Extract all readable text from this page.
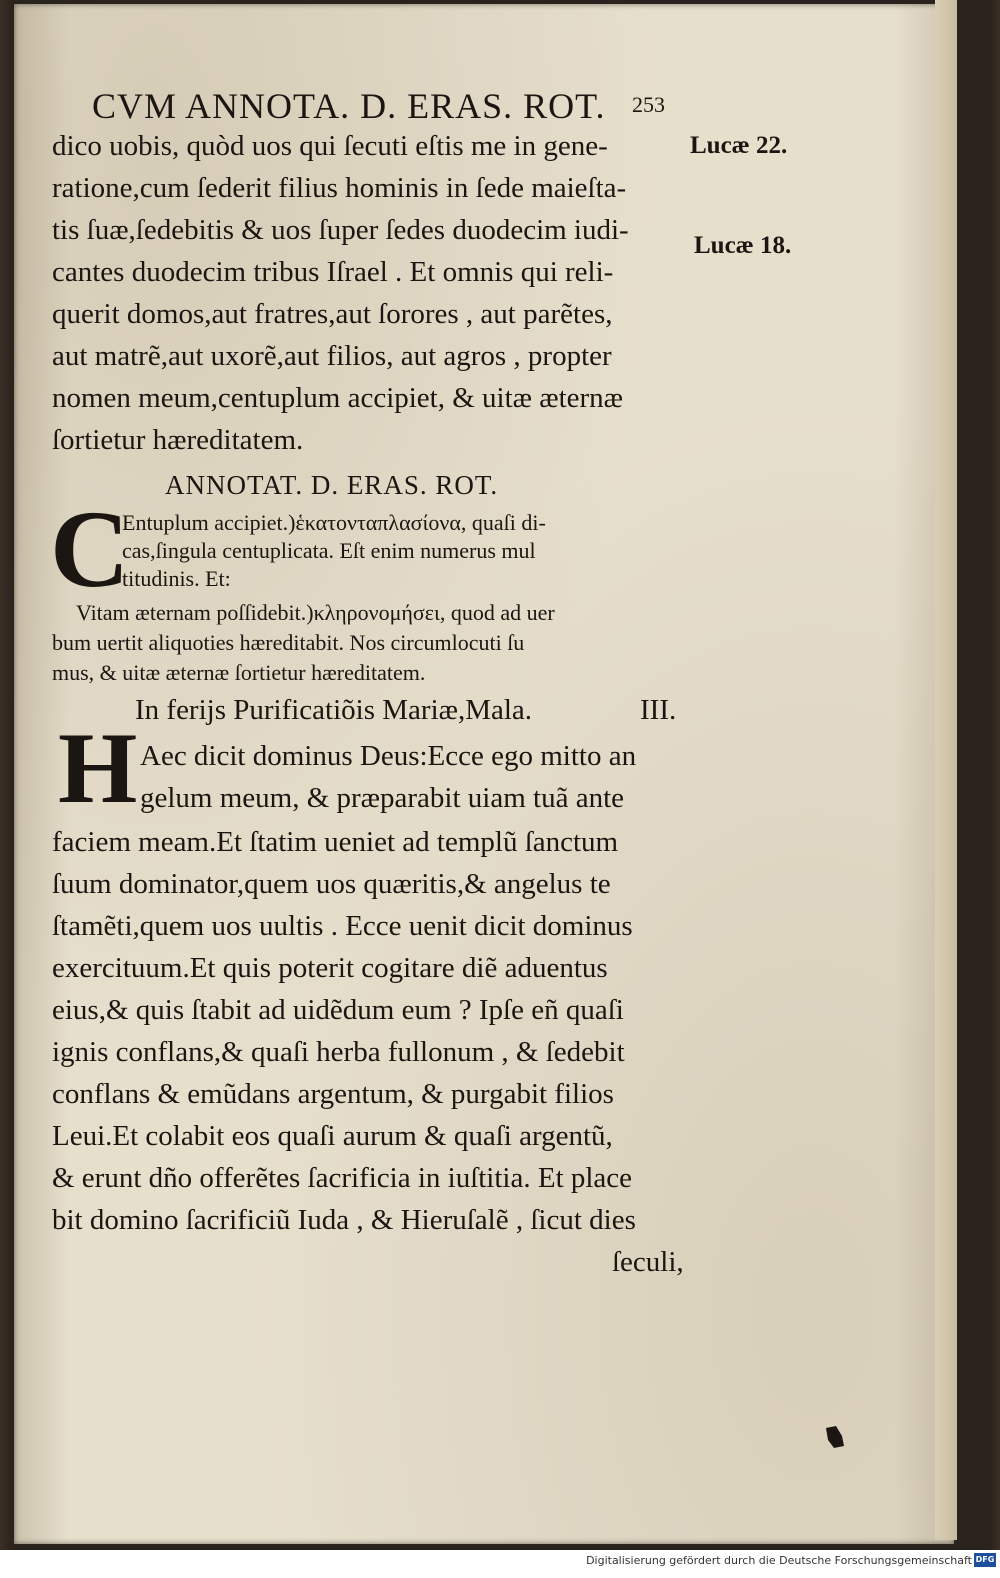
CVM ANNOTA. D. ERAS. ROT. 253
Lucæ 22.
Lucæ 18.
dico uobis, quòd uos qui ſecuti eſtis me in gene-
ratione,cum ſederit filius hominis in ſede maieſta-
tis ſuæ,ſedebitis & uos ſuper ſedes duodecim iudi-
cantes duodecim tribus Iſrael . Et omnis qui reli-
querit domos,aut fratres,aut ſorores , aut parẽtes,
aut matrẽ,aut uxorẽ,aut filios, aut agros , propter
nomen meum,centuplum accipiet, & uitæ æternæ
ſortietur hæreditatem.
ANNOTAT. D. ERAS. ROT.
C
Entuplum accipiet.)ἑκατονταπλασίονα, quaſi di-
cas,ſingula centuplicata. Eſt enim numerus mul
titudinis. Et:
Vitam æternam poſſidebit.)κληρονομήσει, quod ad uer
bum uertit aliquoties hæreditabit. Nos circumlocuti ſu
mus, & uitæ æternæ ſortietur hæreditatem.
In ferijs Purificatiõis Mariæ,Mala.	III.
H Aec dicit dominus Deus:Ecce ego mitto an
gelum meum, & præparabit uiam tuã ante
faciem meam.Et ſtatim ueniet ad templũ ſanctum
ſuum dominator,quem uos quæritis,& angelus te
ſtamẽti,quem uos uultis . Ecce uenit dicit dominus
exercituum.Et quis poterit cogitare diẽ aduentus
eius,& quis ſtabit ad uidẽdum eum ? Ipſe eñ quaſi
ignis conflans,& quaſi herba fullonum , & ſedebit
conflans & emũdans argentum, & purgabit filios
Leui.Et colabit eos quaſi aurum & quaſi argentũ,
& erunt dño offerẽtes ſacrificia in iuſtitia. Et place
bit domino ſacrificiũ Iuda , & Hieruſalẽ , ſicut dies
ſeculi,
Digitalisierung gefördert durch die Deutsche Forschungsgemeinschaft DFG
